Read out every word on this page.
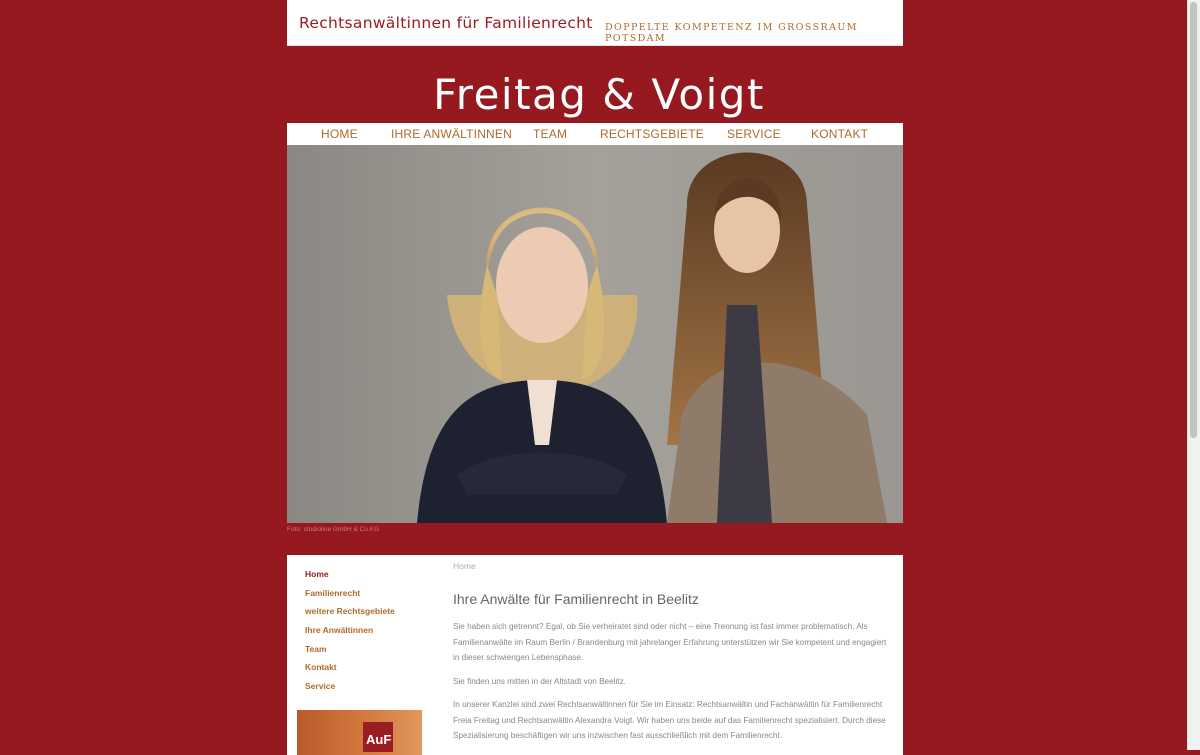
Rechtsanwältinnen für Familienrecht DOPPELTE KOMPETENZ IM GROSSRAUM POTSDAM
Freitag & Voigt
HOME	IHRE ANWÄLTINNEN TEAM	RECHTSGEBIETE SERVICE	KONTAKT
Foto: studioline GmbH & Co.KG
Home
Familienrecht
weitere Rechtsgebiete
Ihre Anwältinnen
Team
Kontakt
Service
AuF
Home
Ihre Anwälte für Familienrecht in Beelitz

Sie haben sich getrennt? Egal, ob Sie verheiratet sind oder nicht – eine Trennung ist fast immer problematisch. Als Familienanwälte im Raum Berlin / Brandenburg mit jahrelanger Erfahrung unterstützen wir Sie kompetent und engagiert in dieser schwierigen Lebensphase.

Sie finden uns mitten in der Altstadt von Beelitz.

In unserer Kanzlei sind zwei Rechtsanwältinnen für Sie im Einsatz: Rechtsanwältin und Fachanwältin für Familienrecht Freia Freitag und Rechtsanwältin Alexandra Voigt. Wir haben uns beide auf das Familienrecht spezialisiert. Durch diese Spezialisierung beschäftigen wir uns inzwischen fast ausschließlich mit dem Familienrecht.
